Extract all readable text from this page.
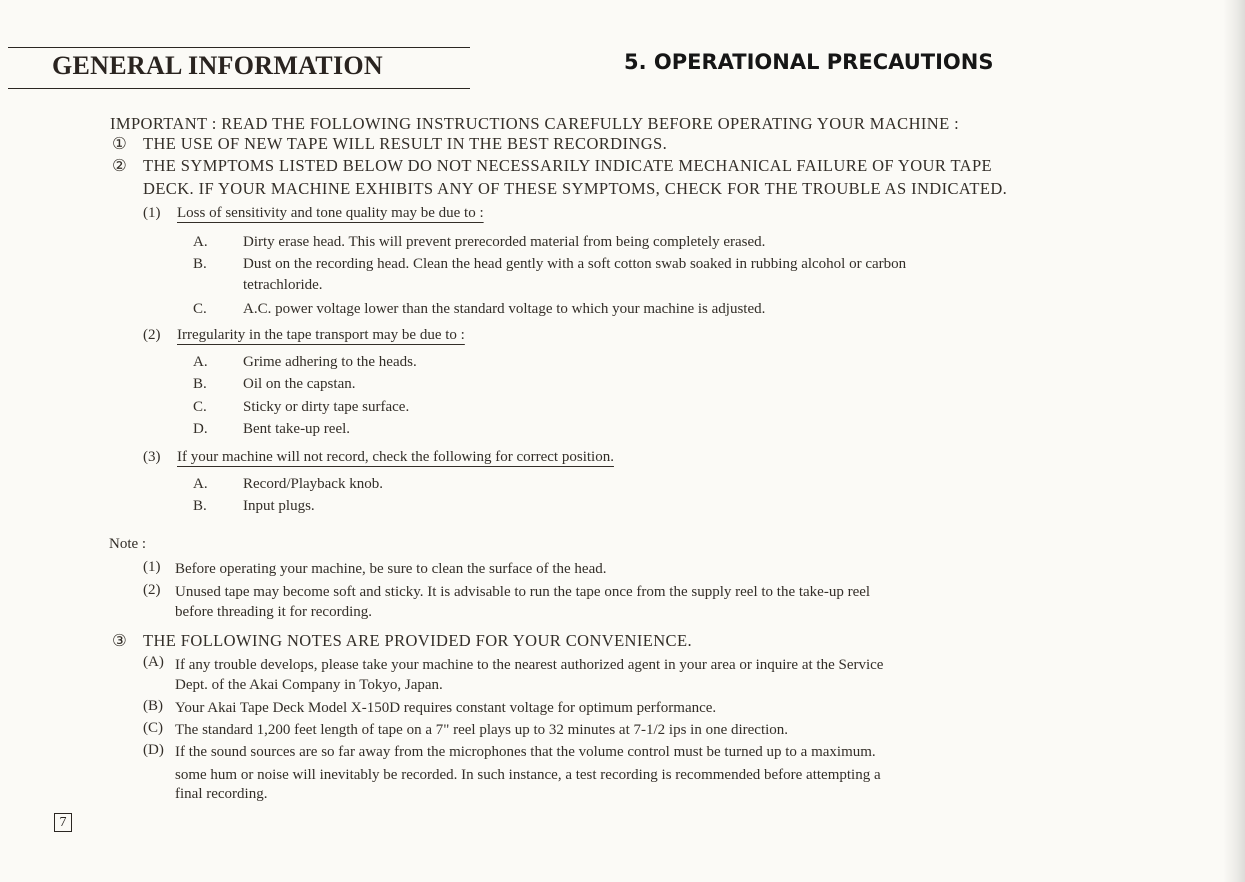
GENERAL INFORMATION	5. OPERATIONAL PRECAUTIONS
IMPORTANT : READ THE FOLLOWING INSTRUCTIONS CAREFULLY BEFORE OPERATING YOUR MACHINE :
① THE USE OF NEW TAPE WILL RESULT IN THE BEST RECORDINGS.
② THE SYMPTOMS LISTED BELOW DO NOT NECESSARILY INDICATE MECHANICAL FAILURE OF YOUR TAPE
DECK. IF YOUR MACHINE EXHIBITS ANY OF THESE SYMPTOMS, CHECK FOR THE TROUBLE AS INDICATED.
(1) Loss of sensitivity and tone quality may be due to :
A. Dirty erase head. This will prevent prerecorded material from being completely erased.
B. Dust on the recording head. Clean the head gently with a soft cotton swab soaked in rubbing alcohol or carbon
tetrachloride.
C. A.C. power voltage lower than the standard voltage to which your machine is adjusted.
(2) Irregularity in the tape transport may be due to :
A. Grime adhering to the heads.
B. Oil on the capstan.
C. Sticky or dirty tape surface.
D. Bent take-up reel.
(3) If your machine will not record, check the following for correct position.
A. Record/Playback knob.
B. Input plugs.
Note :
(1) Before operating your machine, be sure to clean the surface of the head.
(2) Unused tape may become soft and sticky. It is advisable to run the tape once from the supply reel to the take-up reel
before threading it for recording.
③ THE FOLLOWING NOTES ARE PROVIDED FOR YOUR CONVENIENCE.
(A) If any trouble develops, please take your machine to the nearest authorized agent in your area or inquire at the Service
Dept. of the Akai Company in Tokyo, Japan.
(B) Your Akai Tape Deck Model X-150D requires constant voltage for optimum performance.
(C) The standard 1,200 feet length of tape on a 7" reel plays up to 32 minutes at 7-1/2 ips in one direction.
(D) If the sound sources are so far away from the microphones that the volume control must be turned up to a maximum.
some hum or noise will inevitably be recorded. In such instance, a test recording is recommended before attempting a
final recording.
7
